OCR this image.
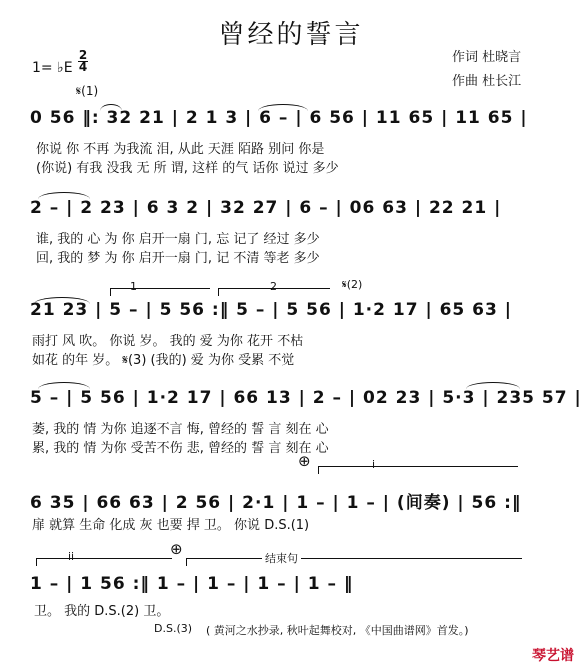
曾经的誓言
作词 杜晓言
作曲 杜长江
1= ♭E
2
4
𝄋(1)
0 56 ‖: 32 21 | 2 1 3 | 6 – | 6 56 | 11 65 | 11 65 |
你说 你 不再 为我流 泪, 从此 天涯 陌路 别问 你是
(你说) 有我 没我 无 所 谓, 这样 的气 话你 说过 多少
2 – | 2 23 | 6 3 2 | 32 27 | 6 – | 06 63 | 22 21 |
谁, 我的 心 为 你 启开一扇 门, 忘 记了 经过 多少
回, 我的 梦 为 你 启开一扇 门, 记 不清 等老 多少
1	2	𝄋(2)
21 23 | 5 – | 5 56 :‖ 5 – | 5 56 | 1·2 17 | 65 63 |
雨打 风 吹。 你说 岁。 我的 爱 为你 花开 不枯
如花 的年 岁。 𝄋(3) (我的) 爱 为你 受累 不觉
5 – | 5 56 | 1·2 17 | 66 13 | 2 – | 02 23 | 5·3 | 235 57 |
萎, 我的 情 为你 追逐不言 悔, 曾经的 誓 言 刻在 心
累, 我的 情 为你 受苦不伤 悲, 曾经的 誓 言 刻在 心
⊕	i
6 35 | 66 63 | 2 56 | 2·1 | 1 – | 1 – | (间奏) | 56 :‖
扉 就算 生命 化成 灰 也要 捍 卫。 你说 D.S.(1)
ii	⊕
结束句
1 – | 1 56 :‖ 1 – | 1 – | 1 – | 1 – ‖
卫。 我的 D.S.(2) 卫。
D.S.(3) ( 黄河之水抄录, 秋叶起舞校对, 《中国曲谱网》首发。)
琴艺谱
